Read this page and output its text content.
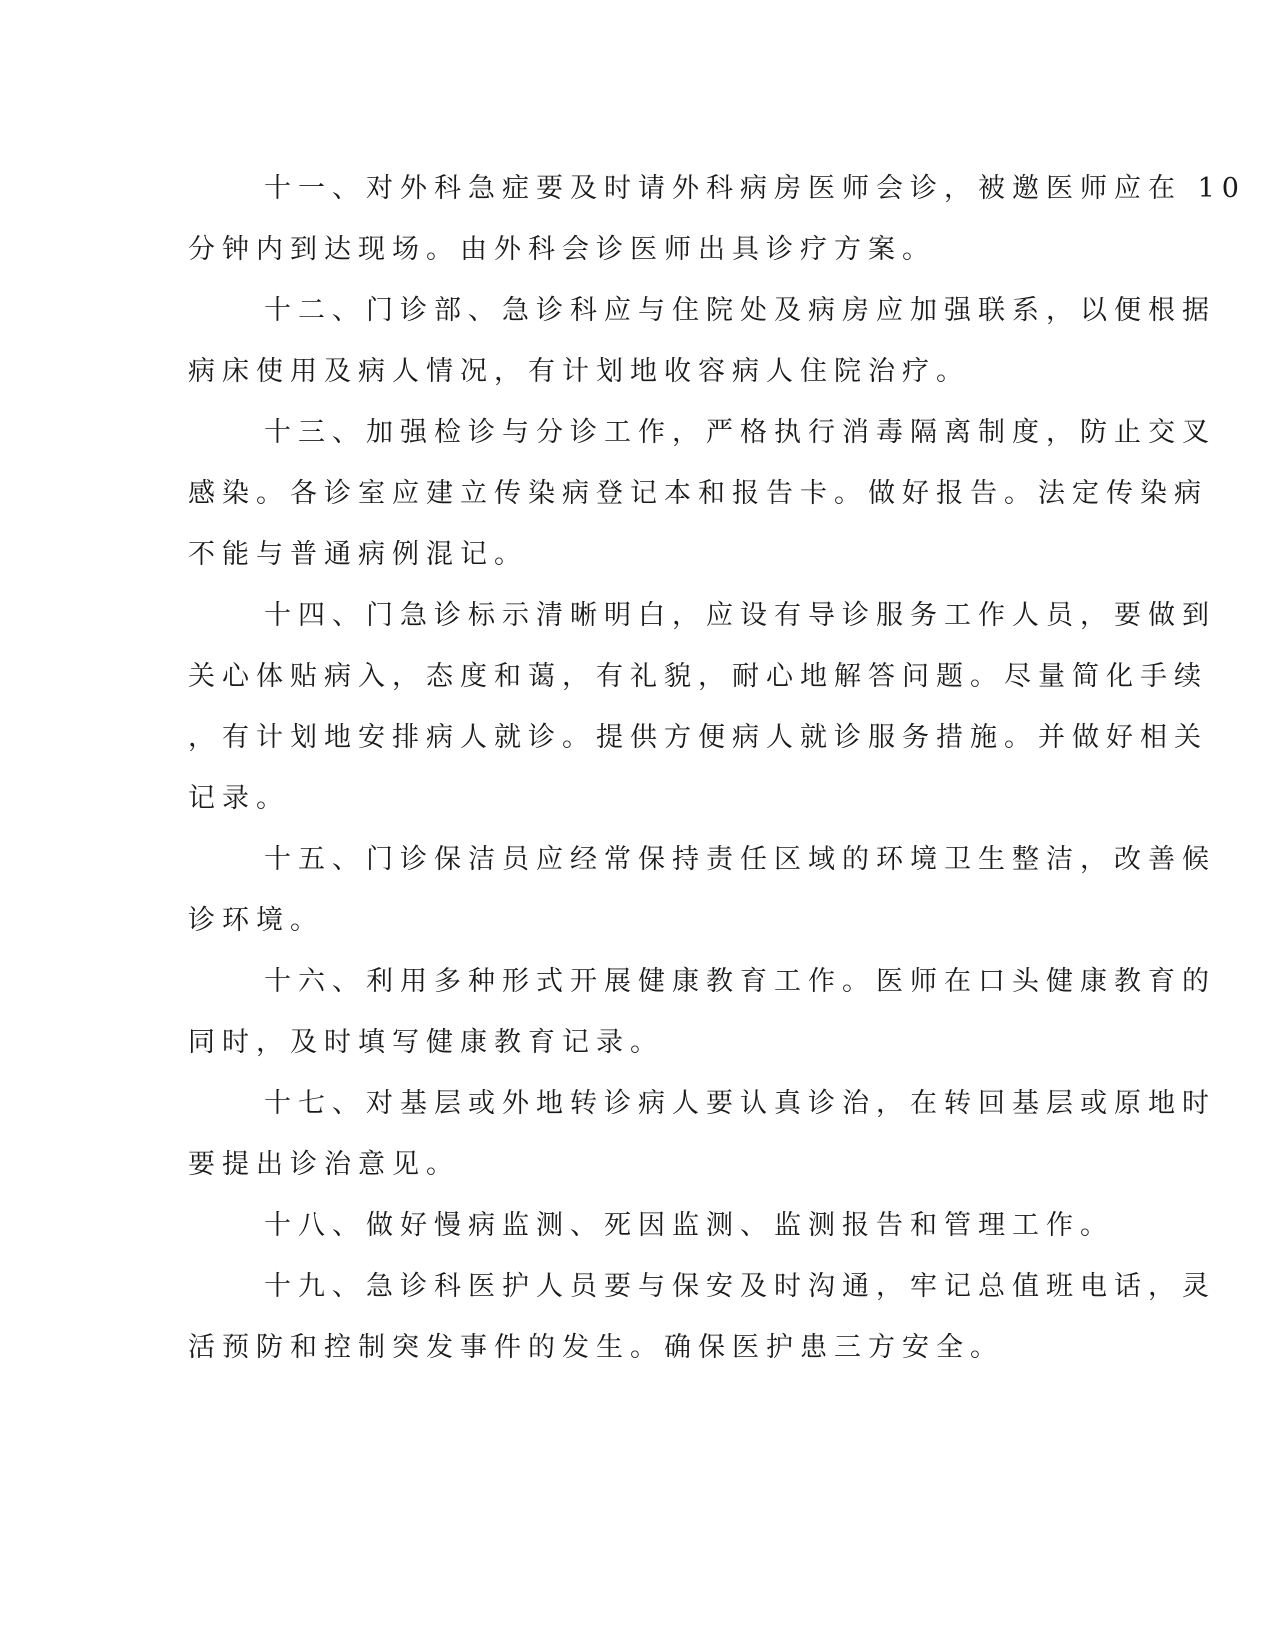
十一、对外科急症要及时请外科病房医师会诊，被邀医师应在 10
分钟内到达现场。由外科会诊医师出具诊疗方案。
十二、门诊部、急诊科应与住院处及病房应加强联系，以便根据
病床使用及病人情况，有计划地收容病人住院治疗。
十三、加强检诊与分诊工作，严格执行消毒隔离制度，防止交叉
感染。各诊室应建立传染病登记本和报告卡。做好报告。法定传染病
不能与普通病例混记。
十四、门急诊标示清晰明白，应设有导诊服务工作人员，要做到
关心体贴病入，态度和蔼，有礼貌，耐心地解答问题。尽量简化手续
，有计划地安排病人就诊。提供方便病人就诊服务措施。并做好相关
记录。
十五、门诊保洁员应经常保持责任区域的环境卫生整洁，改善候
诊环境。
十六、利用多种形式开展健康教育工作。医师在口头健康教育的
同时，及时填写健康教育记录。
十七、对基层或外地转诊病人要认真诊治，在转回基层或原地时
要提出诊治意见。
十八、做好慢病监测、死因监测、监测报告和管理工作。
十九、急诊科医护人员要与保安及时沟通，牢记总值班电话，灵
活预防和控制突发事件的发生。确保医护患三方安全。
